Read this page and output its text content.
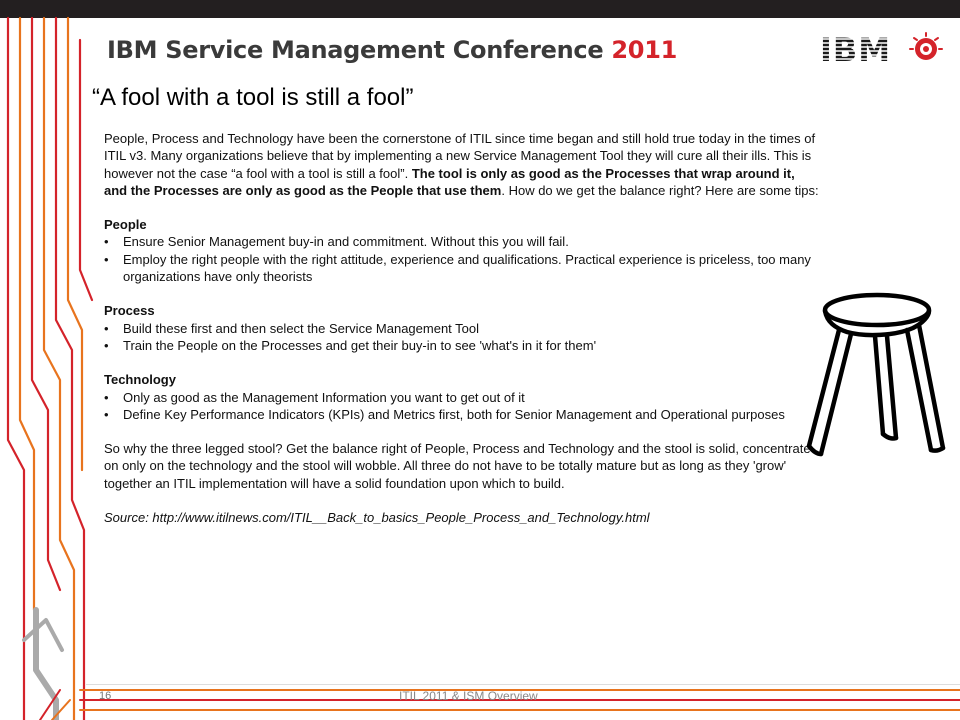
IBM Service Management Conference 2011	IBM
“A fool with a tool is still a fool”

People, Process and Technology have been the cornerstone of ITIL since time began and still hold true today in the times of ITIL v3. Many organizations believe that by implementing a new Service Management Tool they will cure all their ills. This is however not the case “a fool with a tool is still a fool”. The tool is only as good as the Processes that wrap around it, and the Processes are only as good as the People that use them. How do we get the balance right? Here are some tips:

People

• Ensure Senior Management buy-in and commitment. Without this you will fail.
• Employ the right people with the right attitude, experience and qualifications. Practical experience is priceless, too many organizations have only theorists

Process

• Build these first and then select the Service Management Tool
• Train the People on the Processes and get their buy-in to see 'what's in it for them'

Technology

• Only as good as the Management Information you want to get out of it
• Define Key Performance Indicators (KPIs) and Metrics first, both for Senior Management and Operational purposes

So why the three legged stool? Get the balance right of People, Process and Technology and the stool is solid, concentrate on only on the technology and the stool will wobble. All three do not have to be totally mature but as long as they 'grow' together an ITIL implementation will have a solid foundation upon which to build.

Source: http://www.itilnews.com/ITIL__Back_to_basics_People_Process_and_Technology.html

16	ITIL 2011 & ISM Overview
